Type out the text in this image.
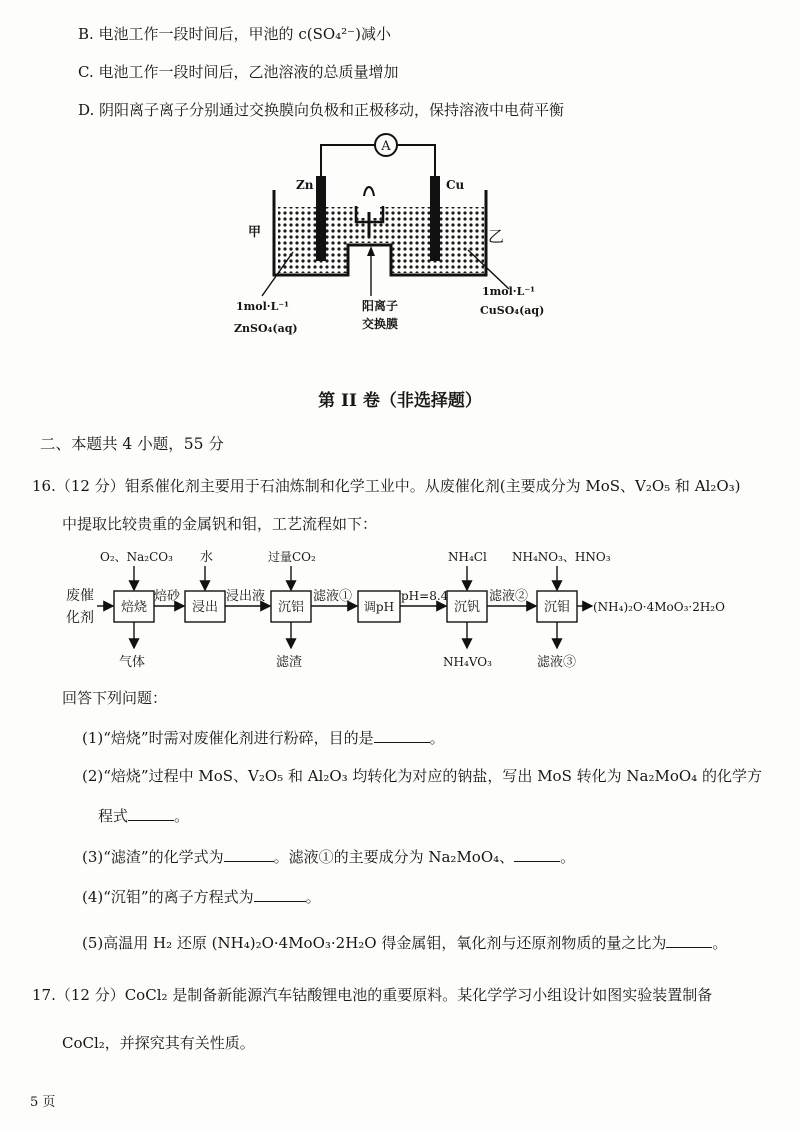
B. 电池工作一段时间后，甲池的 c(SO₄²⁻)减小
C. 电池工作一段时间后，乙池溶液的总质量增加
D. 阴阳离子离子分别通过交换膜向负极和正极移动，保持溶液中电荷平衡
A
Zn	Cu
甲	乙
1mol·L⁻¹
ZnSO₄(aq)
阳离子
交换膜
1mol·L⁻¹
CuSO₄(aq)
第 II 卷（非选择题）
二、本题共 4 小题，55 分
16.（12 分）钼系催化剂主要用于石油炼制和化学工业中。从废催化剂(主要成分为 MoS、V₂O₅ 和 Al₂O₃)
中提取比较贵重的金属钒和钼，工艺流程如下：
废催
化剂
焙烧	浸出	沉铝	调pH	沉钒	沉钼
焙砂	浸出液	滤液①	pH=8.4	滤液②
(NH₄)₂O·4MoO₃·2H₂O
O₂、Na₂CO₃ 水	过量CO₂	NH₄Cl NH₄NO₃、HNO₃
气体	滤渣	NH₄VO₃	滤液③
回答下列问题：
(1)“焙烧”时需对废催化剂进行粉碎，目的是	。
(2)“焙烧”过程中 MoS、V₂O₅ 和 Al₂O₃ 均转化为对应的钠盐，写出 MoS 转化为 Na₂MoO₄ 的化学方
程式	。
(3)“滤渣”的化学式为	。滤液①的主要成分为 Na₂MoO₄、	。
(4)“沉钼”的离子方程式为	。
(5)高温用 H₂ 还原 (NH₄)₂O·4MoO₃·2H₂O 得金属钼，氧化剂与还原剂物质的量之比为	。
17.（12 分）CoCl₂ 是制备新能源汽车钴酸锂电池的重要原料。某化学学习小组设计如图实验装置制备
CoCl₂，并探究其有关性质。
5 页
